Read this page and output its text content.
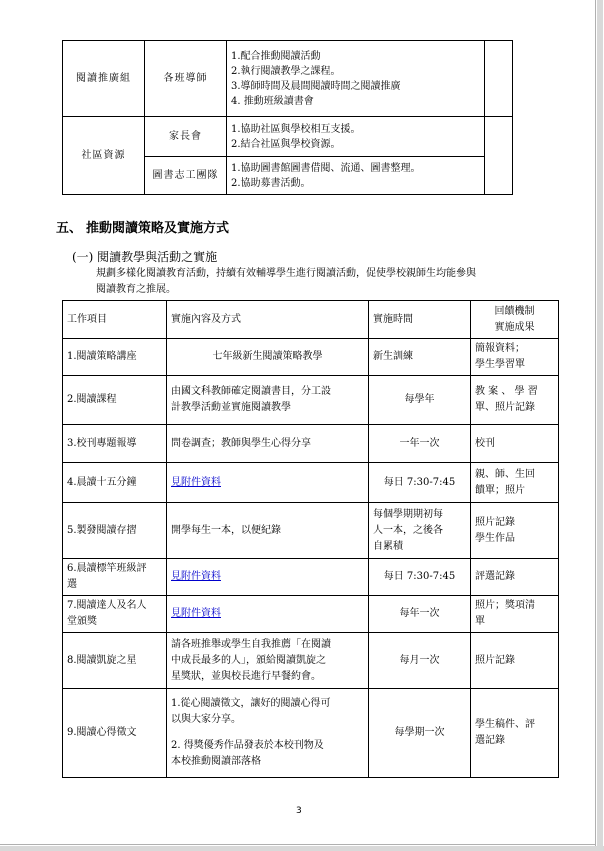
閱讀推廣組	各班導師	1.配合推動閱讀活動
2.執行閱讀教學之課程。
3.導師時間及晨間閱讀時間之閱讀推廣
4. 推動班級讀書會	

社區資源	家長會	1.協助社區與學校相互支援。
2.結合社區與學校資源。	

	圖書志工團隊	1.協助圖書館圖書借閱、流通、圖書整理。
2.協助募書活動。	
五、 推動閱讀策略及實施方式
(一) 閱讀教學與活動之實施
規劃多樣化閱讀教育活動，持續有效輔導學生進行閱讀活動，促使學校親師生均能參與
閱讀教育之推展。
工作項目	實施內容及方式	實施時間	回饋機制
實施成果

1.閱讀策略講座	七年級新生閱讀策略教學	新生訓練	簡報資料；
學生學習單

2.閱讀課程	由國文科教師確定閱讀書目，分工設
計教學活動並實施閱讀教學	每學年	教 案 、 學 習
單、照片記錄

3.校刊專題報導	問卷調查；教師與學生心得分享	一年一次	校刊
4.晨讀十五分鐘	見附件資料	每日 7:30-7:45	親、師、生回
饋單；照片

5.製發閱讀存摺	開學每生一本，以便紀錄	每個學期期初每
人一本，之後各
自累積	照片記錄
學生作品

6.晨讀標竿班級評
選	見附件資料	每日 7:30-7:45	評選記錄

7.閱讀達人及名人
堂頒獎	見附件資料	每年一次	照片；獎項清
單

8.閱讀凱旋之星	請各班推舉或學生自我推薦「在閱讀
中成長最多的人」，頒給閱讀凱旋之
星獎狀，並與校長進行早餐約會。	每月一次	照片記錄
9.閱讀心得徵文	1.從心閱讀徵文，讓好的閱讀心得可
以與大家分享。
2. 得獎優秀作品發表於本校刊物及
本校推動閱讀部落格	每學期一次	學生稿件、評
選記錄
3
